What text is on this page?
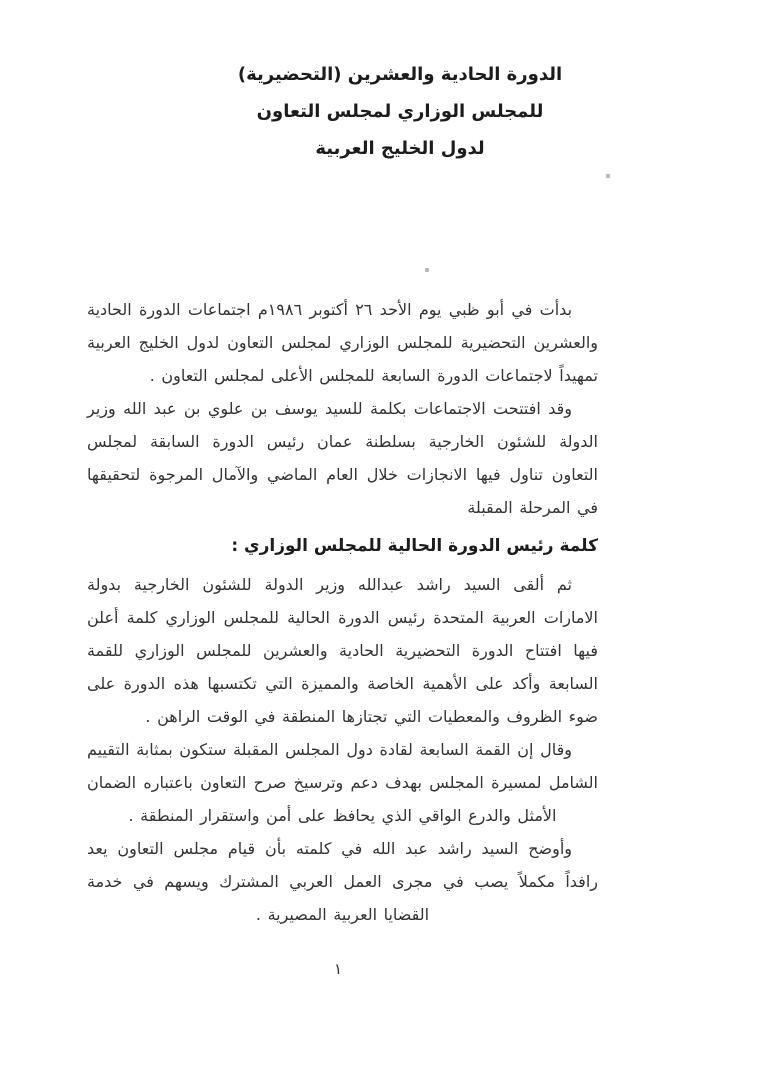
الدورة الحادية والعشرين (التحضيرية)
للمجلس الوزاري لمجلس التعاون
لدول الخليج العربية

بدأت في أبو ظبي يوم الأحد ٢٦ أكتوبر ١٩٨٦م اجتماعات الدورة الحادية والعشرين التحضيرية للمجلس الوزاري لمجلس التعاون لدول الخليج العربية تمهيداً لاجتماعات الدورة السابعة للمجلس الأعلى لمجلس التعاون .

وقد افتتحت الاجتماعات بكلمة للسيد يوسف بن علوي بن عبد الله وزير الدولة للشئون الخارجية بسلطنة عمان رئيس الدورة السابقة لمجلس التعاون تناول فيها الانجازات خلال العام الماضي والآمال المرجوة لتحقيقها في المرحلة المقبلة

كلمة رئيس الدورة الحالية للمجلس الوزاري :

ثم ألقى السيد راشد عبدالله وزير الدولة للشئون الخارجية بدولة الامارات العربية المتحدة رئيس الدورة الحالية للمجلس الوزاري كلمة أعلن فيها افتتاح الدورة التحضيرية الحادية والعشرين للمجلس الوزاري للقمة السابعة وأكد على الأهمية الخاصة والمميزة التي تكتسبها هذه الدورة على ضوء الظروف والمعطيات التي تجتازها المنطقة في الوقت الراهن .

وقال إن القمة السابعة لقادة دول المجلس المقبلة ستكون بمثابة التقييم الشامل لمسيرة المجلس بهدف دعم وترسيخ صرح التعاون باعتباره الضمان الأمثل والدرع الواقي الذي يحافظ على أمن واستقرار المنطقة .

وأوضح السيد راشد عبد الله في كلمته بأن قيام مجلس التعاون يعد رافداً مكملاً يصب في مجرى العمل العربي المشترك ويسهم في خدمة القضايا العربية المصيرية .

١
